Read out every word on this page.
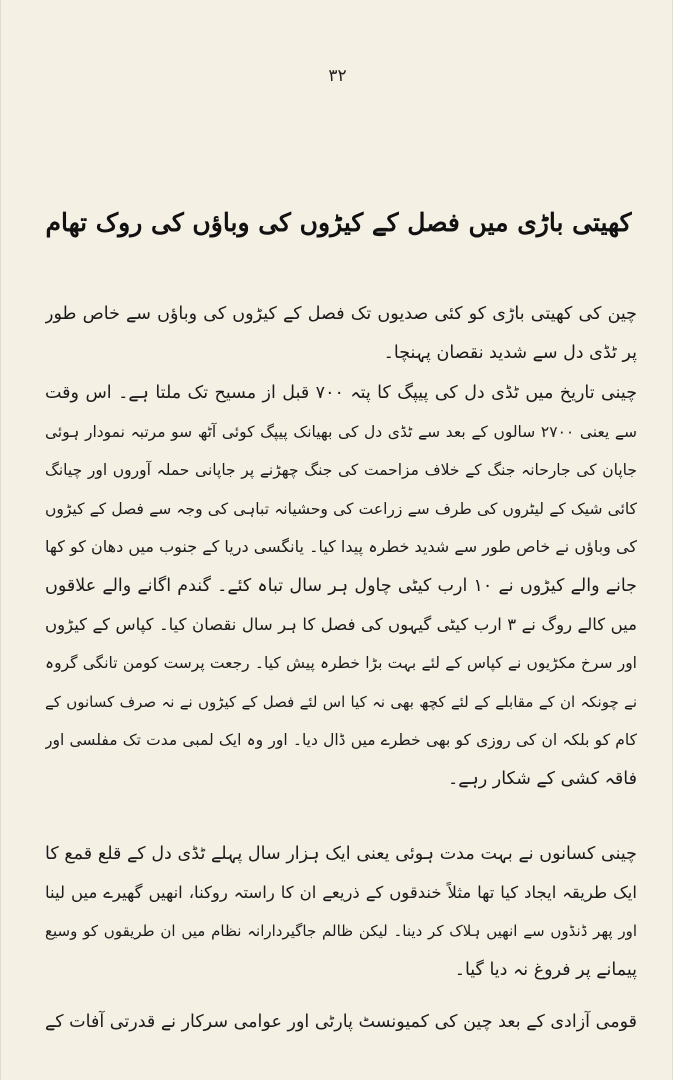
۳۲
کھیتی باڑی میں فصل کے کیڑوں کی وباؤں کی روک تھام
چین کی کھیتی باڑی کو کئی صدیوں تک فصل کے کیڑوں کی وباؤں سے خاص طور
پر ٹڈی دل سے شدید نقصان پہنچا۔
چینی تاریخ میں ٹڈی دل کی پیپگ کا پتہ ۷۰۰ قبل از مسیح تک ملتا ہے۔ اس وقت
سے یعنی ۲۷۰۰ سالوں کے بعد سے ٹڈی دل کی بھیانک پیپگ کوئی آٹھ سو مرتبہ نمودار ہوئی
جاپان کی جارحانہ جنگ کے خلاف مزاحمت کی جنگ چھڑنے پر جاپانی حملہ آوروں اور چیانگ
کائی شیک کے لیٹروں کی طرف سے زراعت کی وحشیانہ تباہی کی وجہ سے فصل کے کیڑوں
کی وباؤں نے خاص طور سے شدید خطرہ پیدا کیا۔ یانگسی دریا کے جنوب میں دھان کو کھا
جانے والے کیڑوں نے ۱۰ ارب کیٹی چاول ہر سال تباہ کئے۔ گندم اگانے والے علاقوں
میں کالے روگ نے ۳ ارب کیٹی گیہوں کی فصل کا ہر سال نقصان کیا۔ کپاس کے کیڑوں
اور سرخ مکڑیوں نے کپاس کے لئے بہت بڑا خطرہ پیش کیا۔ رجعت پرست کومن تانگی گروہ
نے چونکہ ان کے مقابلے کے لئے کچھ بھی نہ کیا اس لئے فصل کے کیڑوں نے نہ صرف کسانوں کے
کام کو بلکہ ان کی روزی کو بھی خطرے میں ڈال دیا۔ اور وہ ایک لمبی مدت تک مفلسی اور
فاقہ کشی کے شکار رہے۔
چینی کسانوں نے بہت مدت ہوئی یعنی ایک ہزار سال پہلے ٹڈی دل کے قلع قمع کا
ایک طریقہ ایجاد کیا تھا مثلاً خندقوں کے ذریعے ان کا راستہ روکنا، انھیں گھیرے میں لینا
اور پھر ڈنڈوں سے انھیں ہلاک کر دینا۔ لیکن ظالم جاگیردارانہ نظام میں ان طریقوں کو وسیع
پیمانے پر فروغ نہ دیا گیا۔
قومی آزادی کے بعد چین کی کمیونسٹ پارٹی اور عوامی سرکار نے قدرتی آفات کے
